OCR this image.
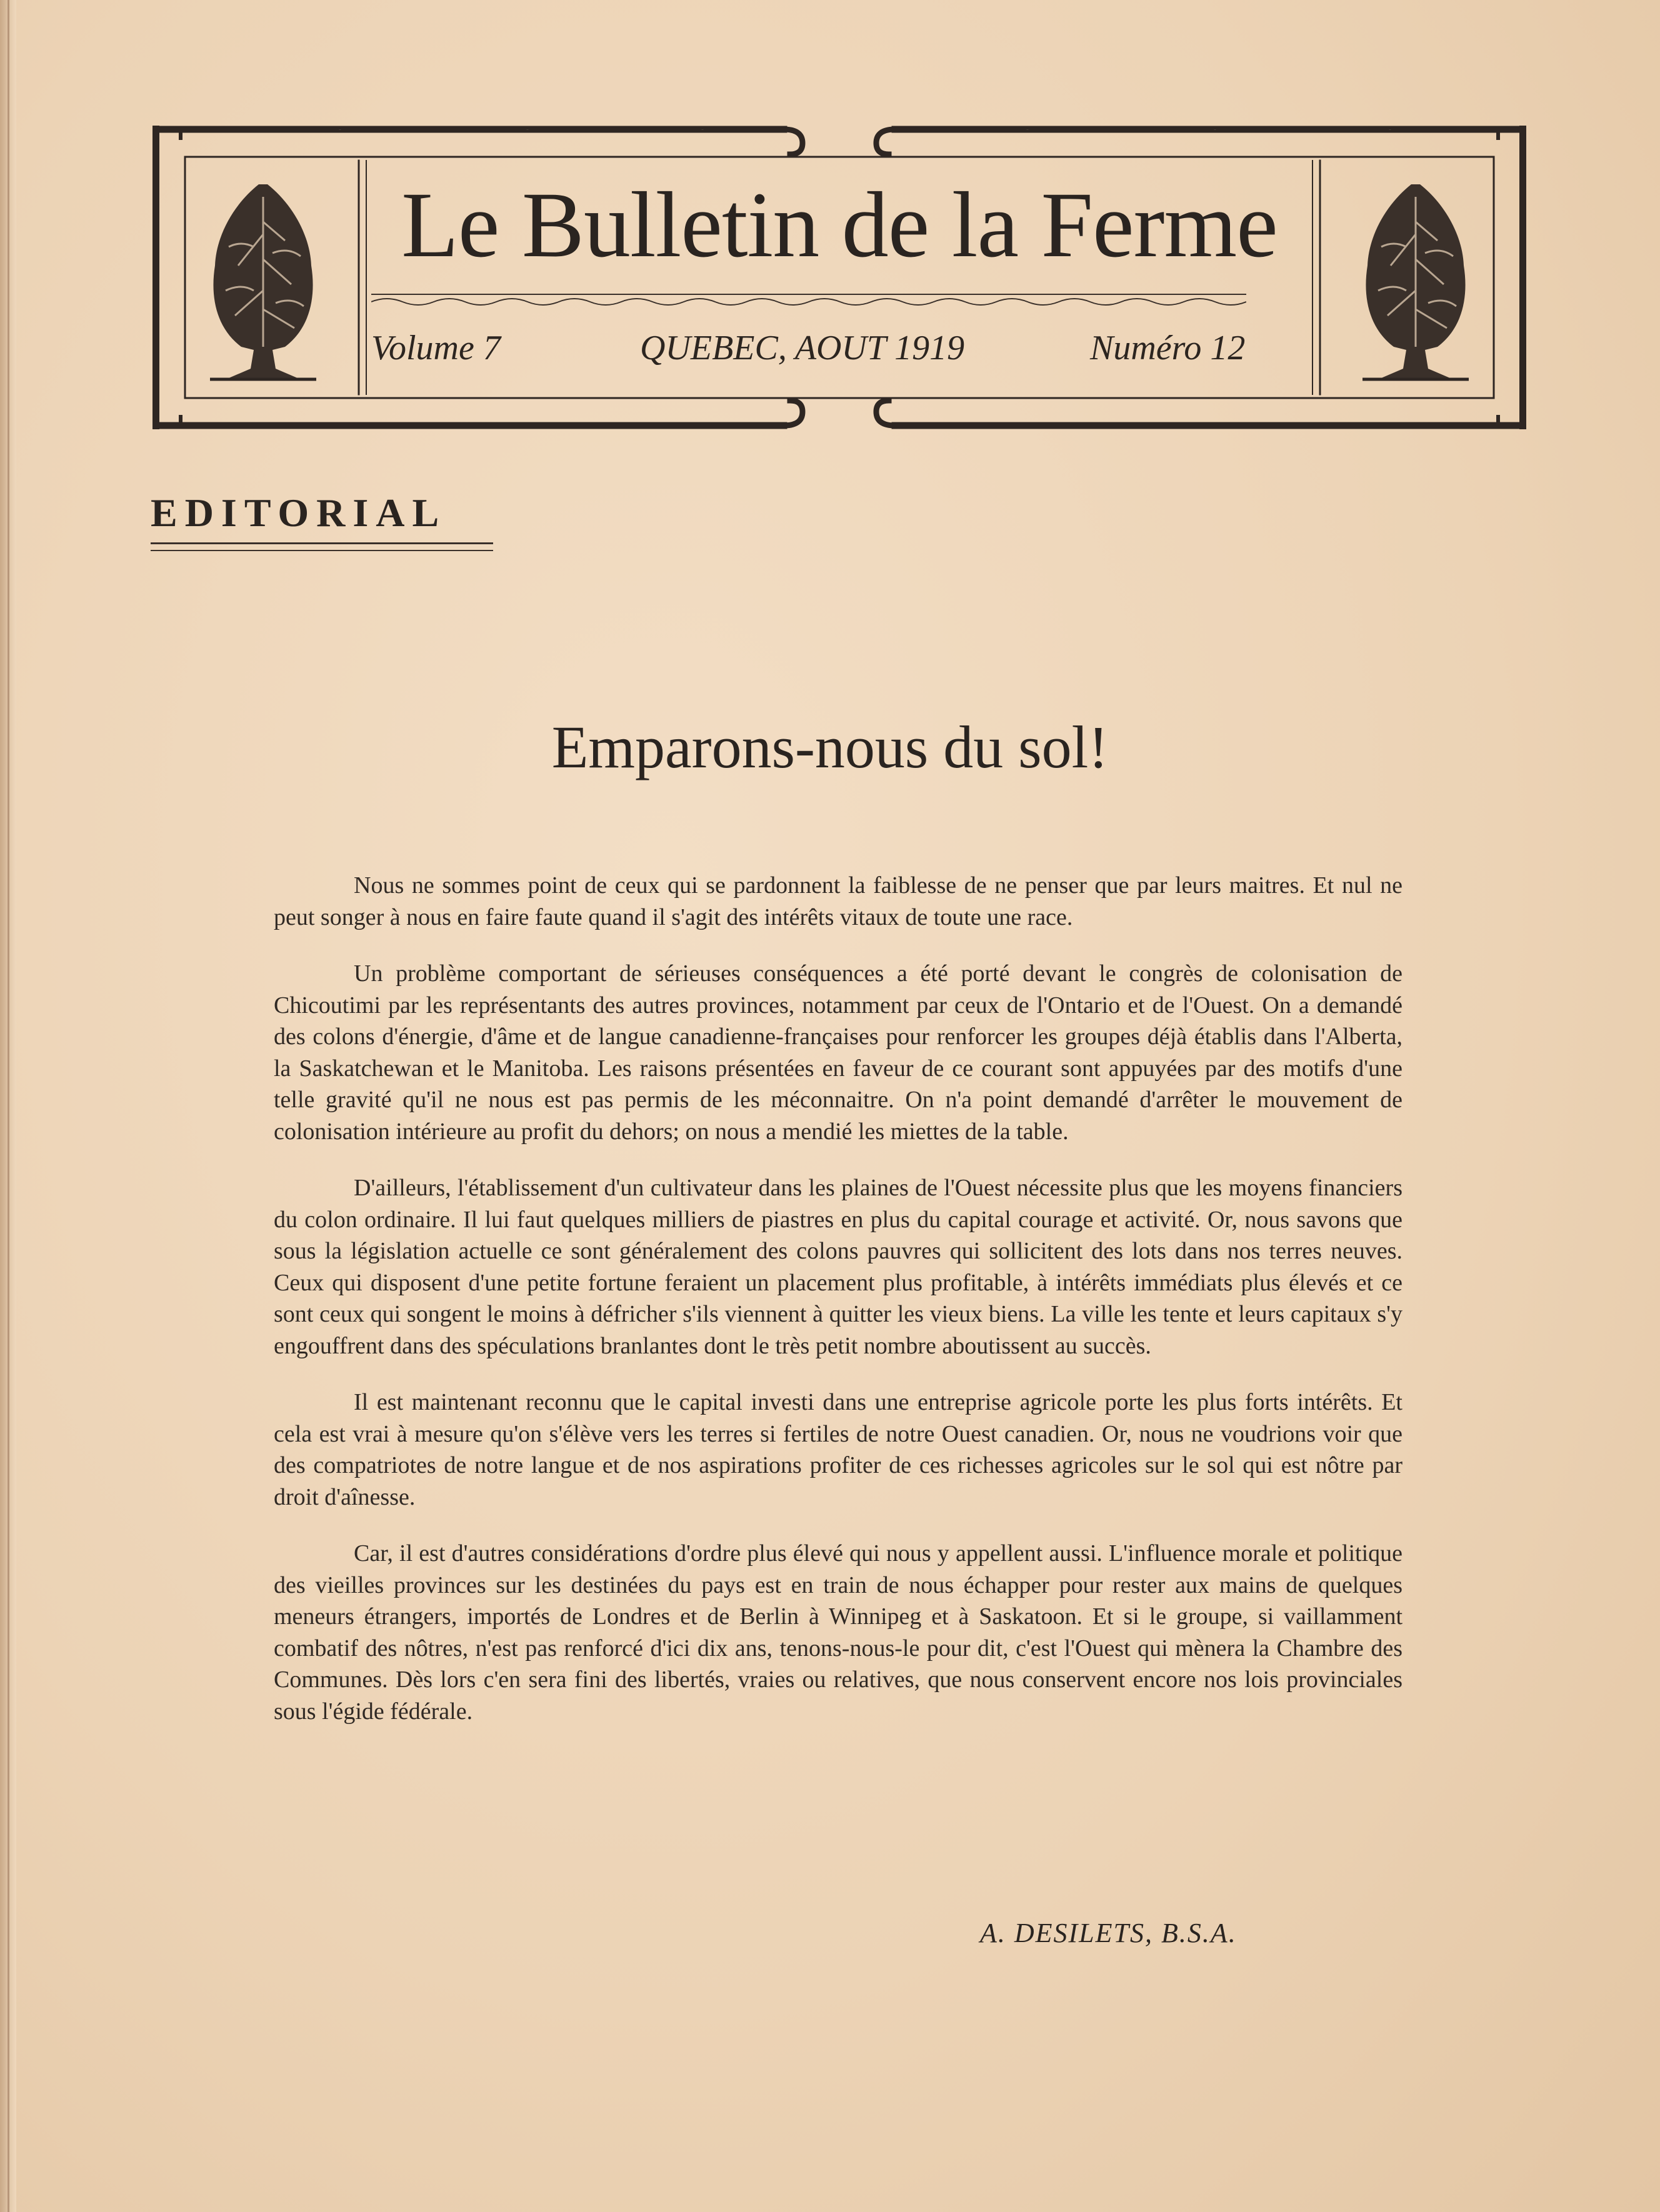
Le Bulletin de la Ferme
Volume 7	QUEBEC, AOUT 1919	Numéro 12
EDITORIAL
Emparons-nous du sol!

Nous ne sommes point de ceux qui se pardonnent la faiblesse de ne penser que par leurs maitres. Et nul ne peut songer à nous en faire faute quand il s'agit des intérêts vitaux de toute une race.

Un problème comportant de sérieuses conséquences a été porté devant le congrès de colonisation de Chicoutimi par les représentants des autres provinces, notamment par ceux de l'Ontario et de l'Ouest. On a demandé des colons d'énergie, d'âme et de langue canadienne-françaises pour renforcer les groupes déjà établis dans l'Alberta, la Saskatchewan et le Manitoba. Les raisons présentées en faveur de ce courant sont appuyées par des motifs d'une telle gravité qu'il ne nous est pas permis de les méconnaitre. On n'a point demandé d'arrêter le mouvement de colonisation intérieure au profit du dehors; on nous a mendié les miettes de la table.

D'ailleurs, l'établissement d'un cultivateur dans les plaines de l'Ouest nécessite plus que les moyens financiers du colon ordinaire. Il lui faut quelques milliers de piastres en plus du capital courage et activité. Or, nous savons que sous la législation actuelle ce sont généralement des colons pauvres qui sollicitent des lots dans nos terres neuves. Ceux qui disposent d'une petite fortune feraient un placement plus profitable, à intérêts immédiats plus élevés et ce sont ceux qui songent le moins à défricher s'ils viennent à quitter les vieux biens. La ville les tente et leurs capitaux s'y engouffrent dans des spéculations branlantes dont le très petit nombre aboutissent au succès.

Il est maintenant reconnu que le capital investi dans une entreprise agricole porte les plus forts intérêts. Et cela est vrai à mesure qu'on s'élève vers les terres si fertiles de notre Ouest canadien. Or, nous ne voudrions voir que des compatriotes de notre langue et de nos aspirations profiter de ces richesses agricoles sur le sol qui est nôtre par droit d'aînesse.

Car, il est d'autres considérations d'ordre plus élevé qui nous y appellent aussi. L'influence morale et politique des vieilles provinces sur les destinées du pays est en train de nous échapper pour rester aux mains de quelques meneurs étrangers, importés de Londres et de Berlin à Winnipeg et à Saskatoon. Et si le groupe, si vaillamment combatif des nôtres, n'est pas renforcé d'ici dix ans, tenons-nous-le pour dit, c'est l'Ouest qui mènera la Chambre des Communes. Dès lors c'en sera fini des libertés, vraies ou relatives, que nous conservent encore nos lois provinciales sous l'égide fédérale.

A. DESILETS, B.S.A.
